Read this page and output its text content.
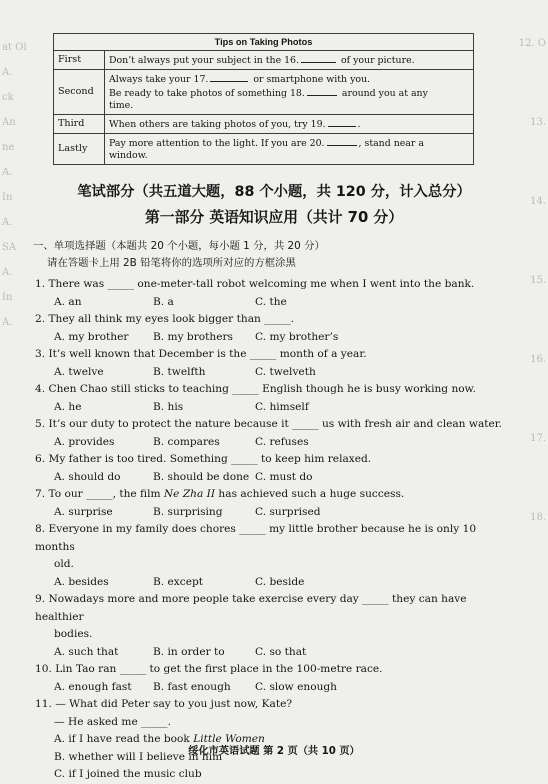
at Ol
A.
ck
An
ne
A.
In
A.
SA
A.
In
A.
12. O
13.
14.
15.
16.
17.
18.
Tips on Taking Photos	
First	Don’t always put your subject in the 16. of your picture.
Second	Always take your 17. or smartphone with you.
Be ready to take photos of something 18. around you at any
time.

Third	When others are taking photos of you, try 19. .
Lastly	Pay more attention to the light. If you are 20. , stand near a
window.
笔试部分（共五道大题，88 个小题，共 120 分，计入总分）
第一部分 英语知识应用（共计 70 分）
一、单项选择题（本题共 20 个小题，每小题 1 分，共 20 分）
请在答题卡上用 2B 铅笔将你的选项所对应的方框涂黑
1. There was _____ one-meter-tall robot welcoming me when I went into the bank.
A. an	B. a	C. the
2. They all think my eyes look bigger than _____.
A. my brother	B. my brothers	C. my brother’s
3. It’s well known that December is the _____ month of a year.
A. twelve	B. twelfth	C. twelveth
4. Chen Chao still sticks to teaching _____ English though he is busy working now.
A. he	B. his	C. himself
5. It’s our duty to protect the nature because it _____ us with fresh air and clean water.
A. provides	B. compares	C. refuses
6. My father is too tired. Something _____ to keep him relaxed.
A. should do	B. should be done C. must do
7. To our _____, the film Ne Zha II has achieved such a huge success.
A. surprise	B. surprising	C. surprised
8. Everyone in my family does chores _____ my little brother because he is only 10 months
old.
A. besides	B. except	C. beside
9. Nowadays more and more people take exercise every day _____ they can have healthier
bodies.
A. such that	B. in order to	C. so that
10. Lin Tao ran _____ to get the first place in the 100-metre race.
A. enough fast	B. fast enough	C. slow enough
11. — What did Peter say to you just now, Kate?
— He asked me _____.
A. if I have read the book Little Women
B. whether will I believe in him
C. if I joined the music club
绥化市英语试题 第 2 页（共 10 页）
